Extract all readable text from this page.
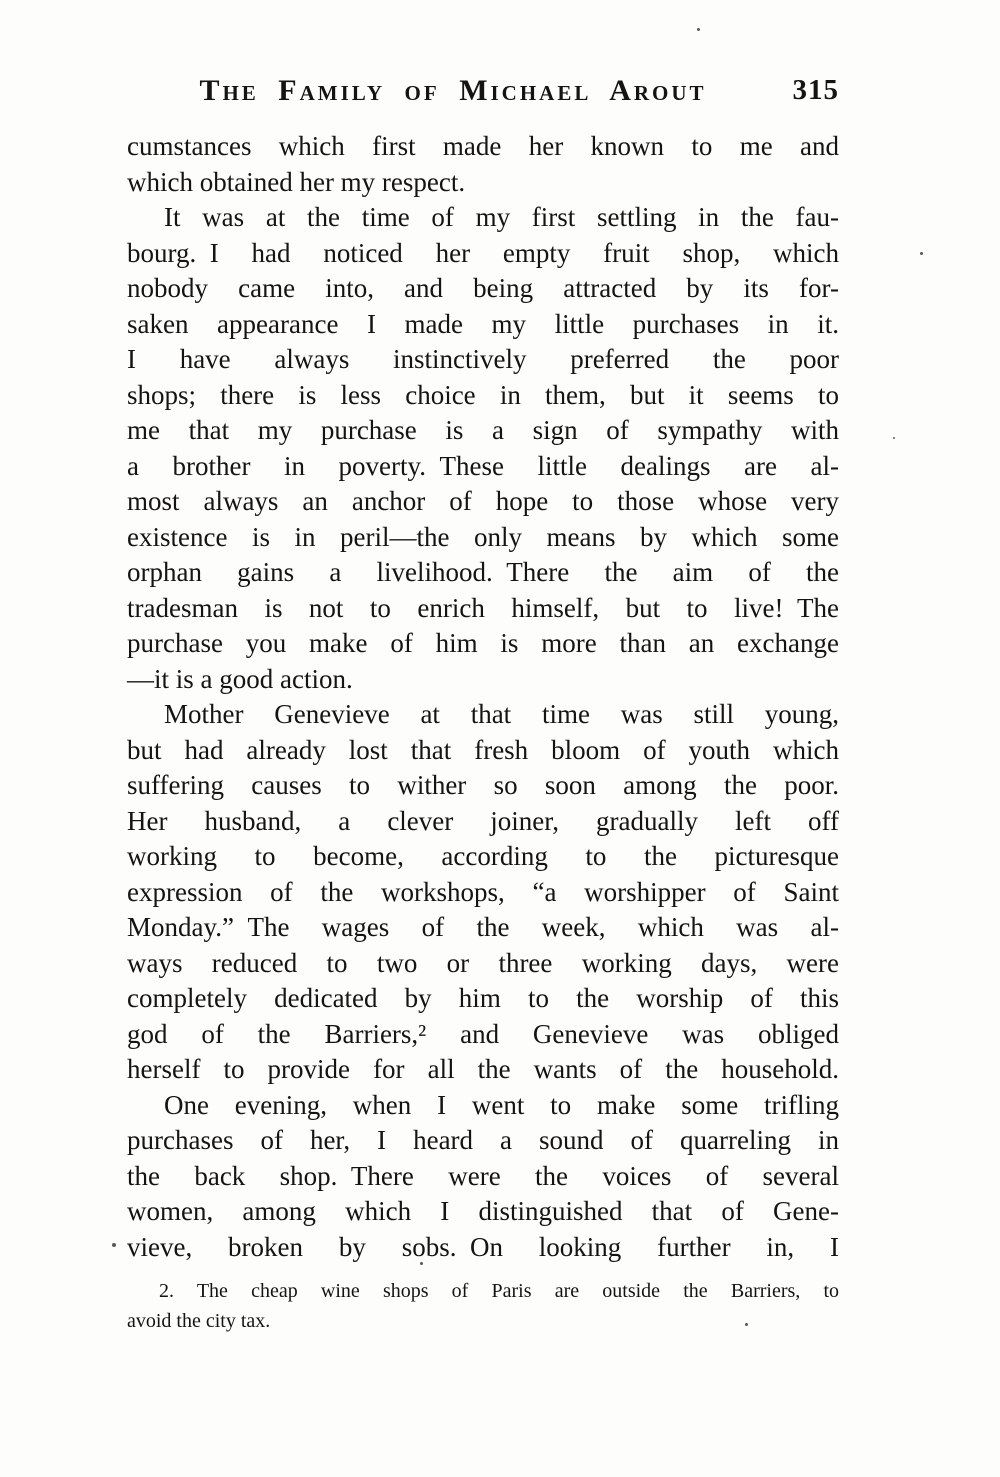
The Family of Michael Arout	315
cumstances which first made her known to me and
which obtained her my respect.
It was at the time of my first settling in the fau-
bourg. I had noticed her empty fruit shop, which
nobody came into, and being attracted by its for-
saken appearance I made my little purchases in it.
I have always instinctively preferred the poor
shops; there is less choice in them, but it seems to
me that my purchase is a sign of sympathy with
a brother in poverty. These little dealings are al-
most always an anchor of hope to those whose very
existence is in peril—the only means by which some
orphan gains a livelihood. There the aim of the
tradesman is not to enrich himself, but to live! The
purchase you make of him is more than an exchange
—it is a good action.
Mother Genevieve at that time was still young,
but had already lost that fresh bloom of youth which
suffering causes to wither so soon among the poor.
Her husband, a clever joiner, gradually left off
working to become, according to the picturesque
expression of the workshops, “a worshipper of Saint
Monday.” The wages of the week, which was al-
ways reduced to two or three working days, were
completely dedicated by him to the worship of this
god of the Barriers,² and Genevieve was obliged
herself to provide for all the wants of the household.
One evening, when I went to make some trifling
purchases of her, I heard a sound of quarreling in
the back shop. There were the voices of several
women, among which I distinguished that of Gene-
vieve, broken by sobs. On looking further in, I
2. The cheap wine shops of Paris are outside the Barriers, to
avoid the city tax.
